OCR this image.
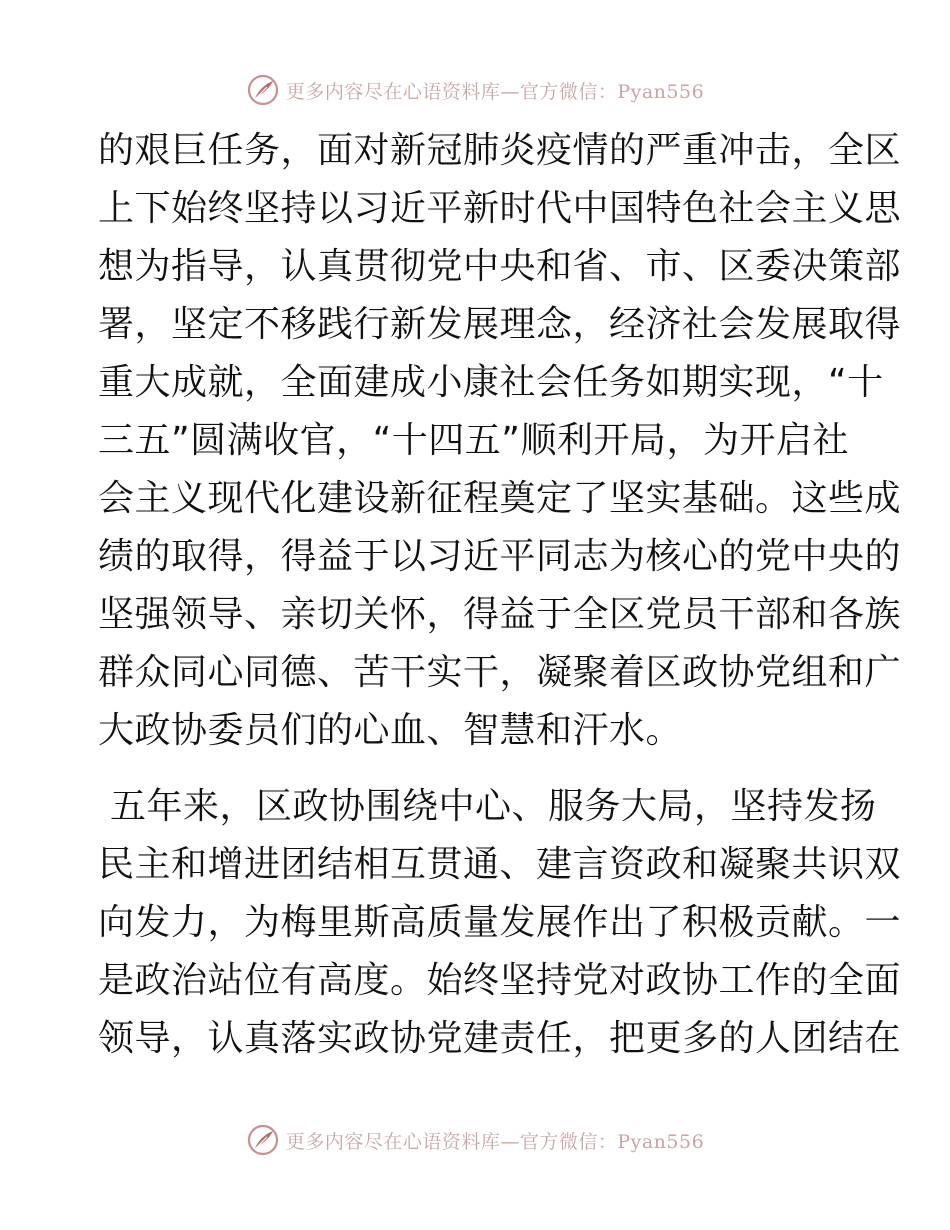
更多内容尽在心语资料库—官方微信：Pyan556
的艰巨任务，面对新冠肺炎疫情的严重冲击，全区
上下始终坚持以习近平新时代中国特色社会主义思
想为指导，认真贯彻党中央和省、市、区委决策部
署，坚定不移践行新发展理念，经济社会发展取得
重大成就，全面建成小康社会任务如期实现，“十
三五”圆满收官，“十四五”顺利开局，为开启社
会主义现代化建设新征程奠定了坚实基础。这些成
绩的取得，得益于以习近平同志为核心的党中央的
坚强领导、亲切关怀，得益于全区党员干部和各族
群众同心同德、苦干实干，凝聚着区政协党组和广
大政协委员们的心血、智慧和汗水。
五年来，区政协围绕中心、服务大局，坚持发扬
民主和增进团结相互贯通、建言资政和凝聚共识双
向发力，为梅里斯高质量发展作出了积极贡献。一
是政治站位有高度。始终坚持党对政协工作的全面
领导，认真落实政协党建责任，把更多的人团结在
更多内容尽在心语资料库—官方微信：Pyan556
